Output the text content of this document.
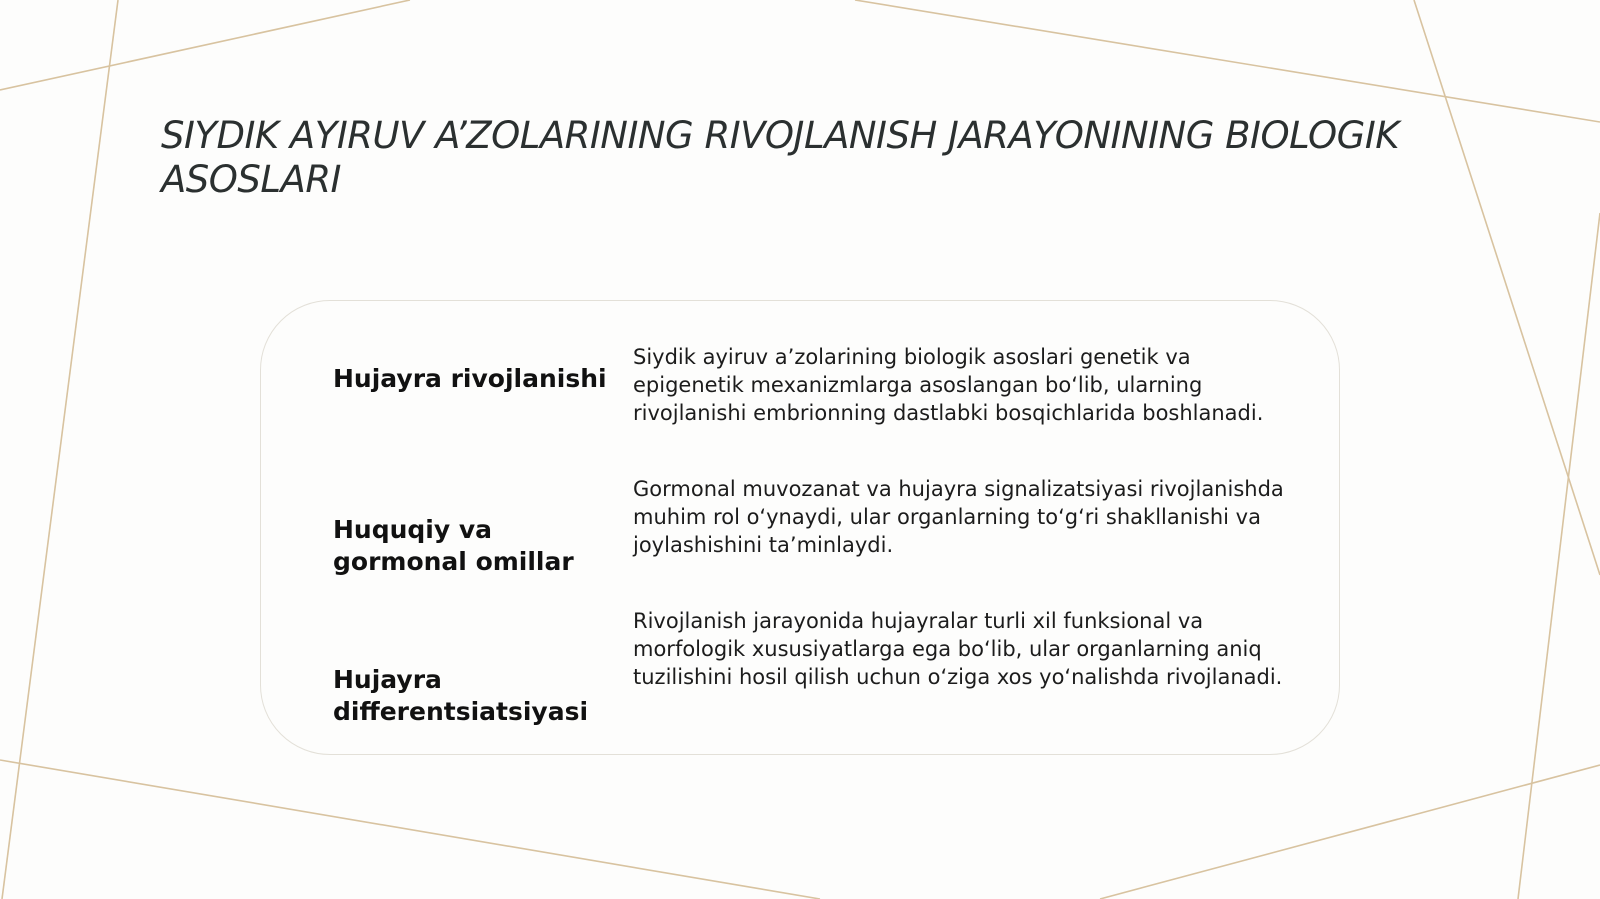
SIYDIK AYIRUV A’ZOLARINING RIVOJLANISH JARAYONINING BIOLOGIK ASOSLARI

Hujayra rivojlanishi

Siydik ayiruv a’zolarining biologik asoslari genetik va epigenetik mexanizmlarga asoslangan bo‘lib, ularning rivojlanishi embrionning dastlabki bosqichlarida boshlanadi.

Huquqiy va gormonal omillar

Gormonal muvozanat va hujayra signalizatsiyasi rivojlanishda muhim rol o‘ynaydi, ular organlarning to‘g‘ri shakllanishi va joylashishini ta’minlaydi.

Hujayra differentsiatsiyasi

Rivojlanish jarayonida hujayralar turli xil funksional va morfologik xususiyatlarga ega bo‘lib, ular organlarning aniq tuzilishini hosil qilish uchun o‘ziga xos yo‘nalishda rivojlanadi.
